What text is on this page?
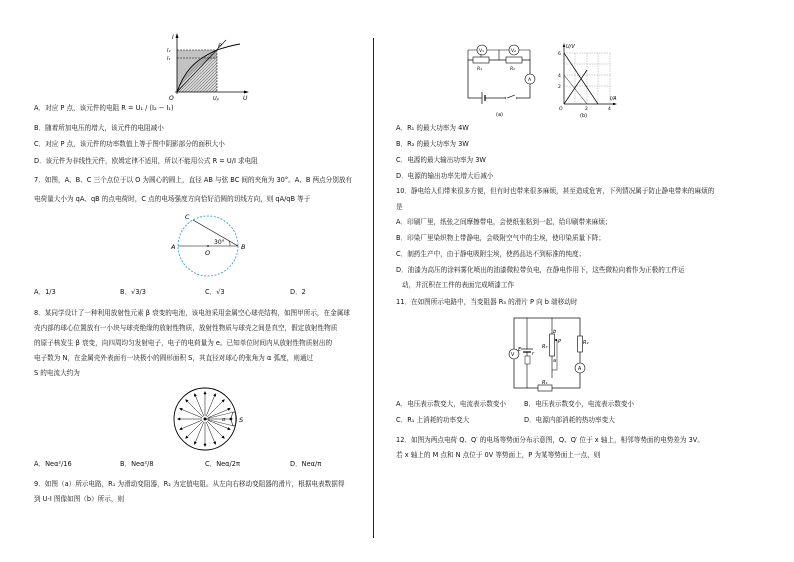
I
U
O
P
I₂
I₁
$U_P$
A．对应 P 点，该元件的电阻 R = U₁ / (I₂ − I₁)
B．随着所加电压的增大，该元件的电阻减小
C．对应 P 点，该元件的功率数值上等于图中阴影部分的面积大小
D．该元件为非线性元件，欧姆定律不适用，所以不能用公式 R = U/I 求电阻
7．如图，A、B、C 三个点位于以 O 为圆心的圆上，直径 AB 与弦 BC 间的夹角为 30°。A、B 两点分别放有
电荷量大小为 qA、qB 的点电荷时，C 点的电场强度方向恰好沿圆的切线方向，则 qA/qB 等于
C
A	B
O
30°
A．1/3	B．√3/3	C．√3	D．2
8．某同学设计了一种利用放射性元素 β 衰变的电池，该电池采用金属空心球壳结构，如图甲所示，在金属球
壳内部的球心位置放有一小块与球壳绝缘的放射性物质，放射性物质与球壳之间是真空，假定放射性物质
的原子核发生 β 衰变，向四周均匀发射电子，电子的电荷量为 e。已知单位时间内从放射性物质射出的
电子数为 N，在金属壳外表面有一块极小的圆形面积 S，其直径对球心的张角为 α 弧度，则通过
S 的电流大约为
S
α
A．Neα²/16	B．Neα²/8	C．Neα/2π	D．Neα/π
9．如图（a）所示电路，R₁ 为滑动变阻器，R₂ 为定值电阻。从左向右移动变阻器的滑片，根据电表数据得
到 U-I 图像如图（b）所示，则
V₁	V₂
R₁	R₂
A
(a)
U/V
I/A
6
4
2
2	4
O
(b)
A．R₁ 的最大功率为 4W
B．R₂ 的最大功率为 3W
C．电源的最大输出功率为 3W
D．电源的输出功率先增大后减小
10．静电给人们带来很多方便，但有时也带来很多麻烦，甚至造成危害，下列情况属于防止静电带来的麻烦的
是
A．印刷厂里，纸张之间摩擦带电，会使纸张粘到一起，给印刷带来麻烦；
B．印染厂里染织物上带静电，会吸附空气中的尘埃，使印染质量下降；
C．制药生产中，由于静电吸附尘埃，使药品达不到标准的纯度；
D．油漆为高压的涂料雾化喷出的油漆微粒带负电，在静电作用下，这些微粒向着作为正极的工件运
动，并沉积在工件的表面完成喷漆工作
11．在如图所示电路中，当变阻器 R₃ 的滑片 P 向 b 端移动时
V
A
E
r
R₁
R₂
R₃
a
b
P
A．电压表示数变大，电流表示数变小	B．电压表示数变小，电流表示数变小
C．R₁ 上消耗的功率变大	D．电源内部消耗的热功率变大
12．如图为两点电荷 Q、Q′ 的电场等势面分布示意图，Q、Q′ 位于 x 轴上，相邻等势面的电势差为 3V。
若 x 轴上的 M 点和 N 点位于 0V 等势面上，P 为某等势面上一点，则
